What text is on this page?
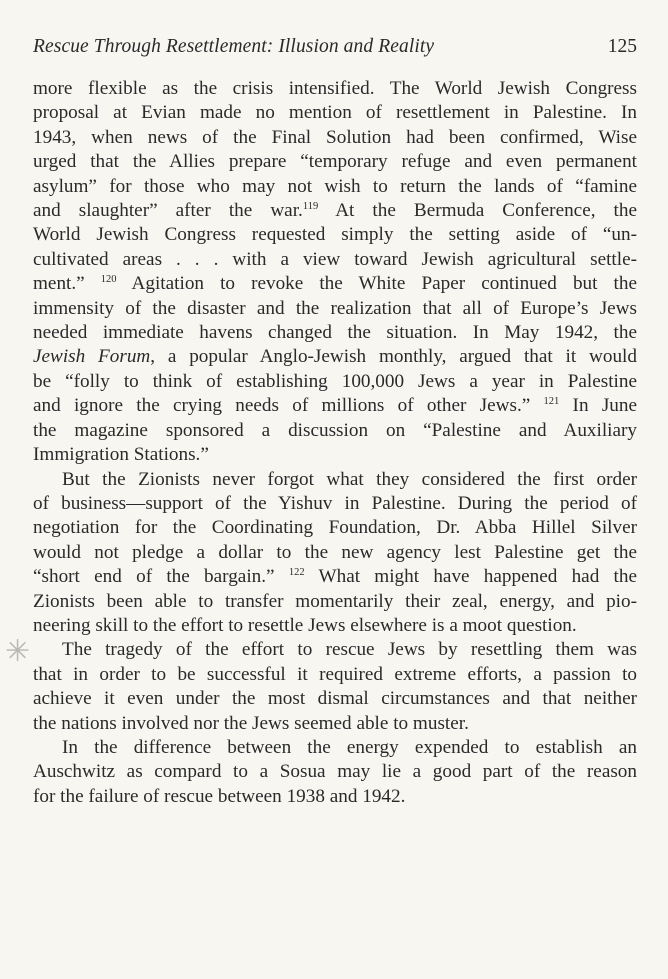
Rescue Through Resettlement: Illusion and Reality	125
more flexible as the crisis intensified. The World Jewish Congress
proposal at Evian made no mention of resettlement in Palestine. In
1943, when news of the Final Solution had been confirmed, Wise
urged that the Allies prepare “temporary refuge and even permanent
asylum” for those who may not wish to return the lands of “famine
and slaughter” after the war.$^{119}$ At the Bermuda Conference, the
World Jewish Congress requested simply the setting aside of “un-
cultivated areas . . . with a view toward Jewish agricultural settle-
ment.” $^{120}$ Agitation to revoke the White Paper continued but the
immensity of the disaster and the realization that all of Europe’s Jews
needed immediate havens changed the situation. In May 1942, the
Jewish Forum, a popular Anglo-Jewish monthly, argued that it would
be “folly to think of establishing 100,000 Jews a year in Palestine
and ignore the crying needs of millions of other Jews.” $^{121}$ In June
the magazine sponsored a discussion on “Palestine and Auxiliary
Immigration Stations.”
But the Zionists never forgot what they considered the first order
of business—support of the Yishuv in Palestine. During the period of
negotiation for the Coordinating Foundation, Dr. Abba Hillel Silver
would not pledge a dollar to the new agency lest Palestine get the
“short end of the bargain.” $^{122}$ What might have happened had the
Zionists been able to transfer momentarily their zeal, energy, and pio-
neering skill to the effort to resettle Jews elsewhere is a moot question.
The tragedy of the effort to rescue Jews by resettling them was
that in order to be successful it required extreme efforts, a passion to
achieve it even under the most dismal circumstances and that neither
the nations involved nor the Jews seemed able to muster.
In the difference between the energy expended to establish an
Auschwitz as compard to a Sosua may lie a good part of the reason
for the failure of rescue between 1938 and 1942.
✳
